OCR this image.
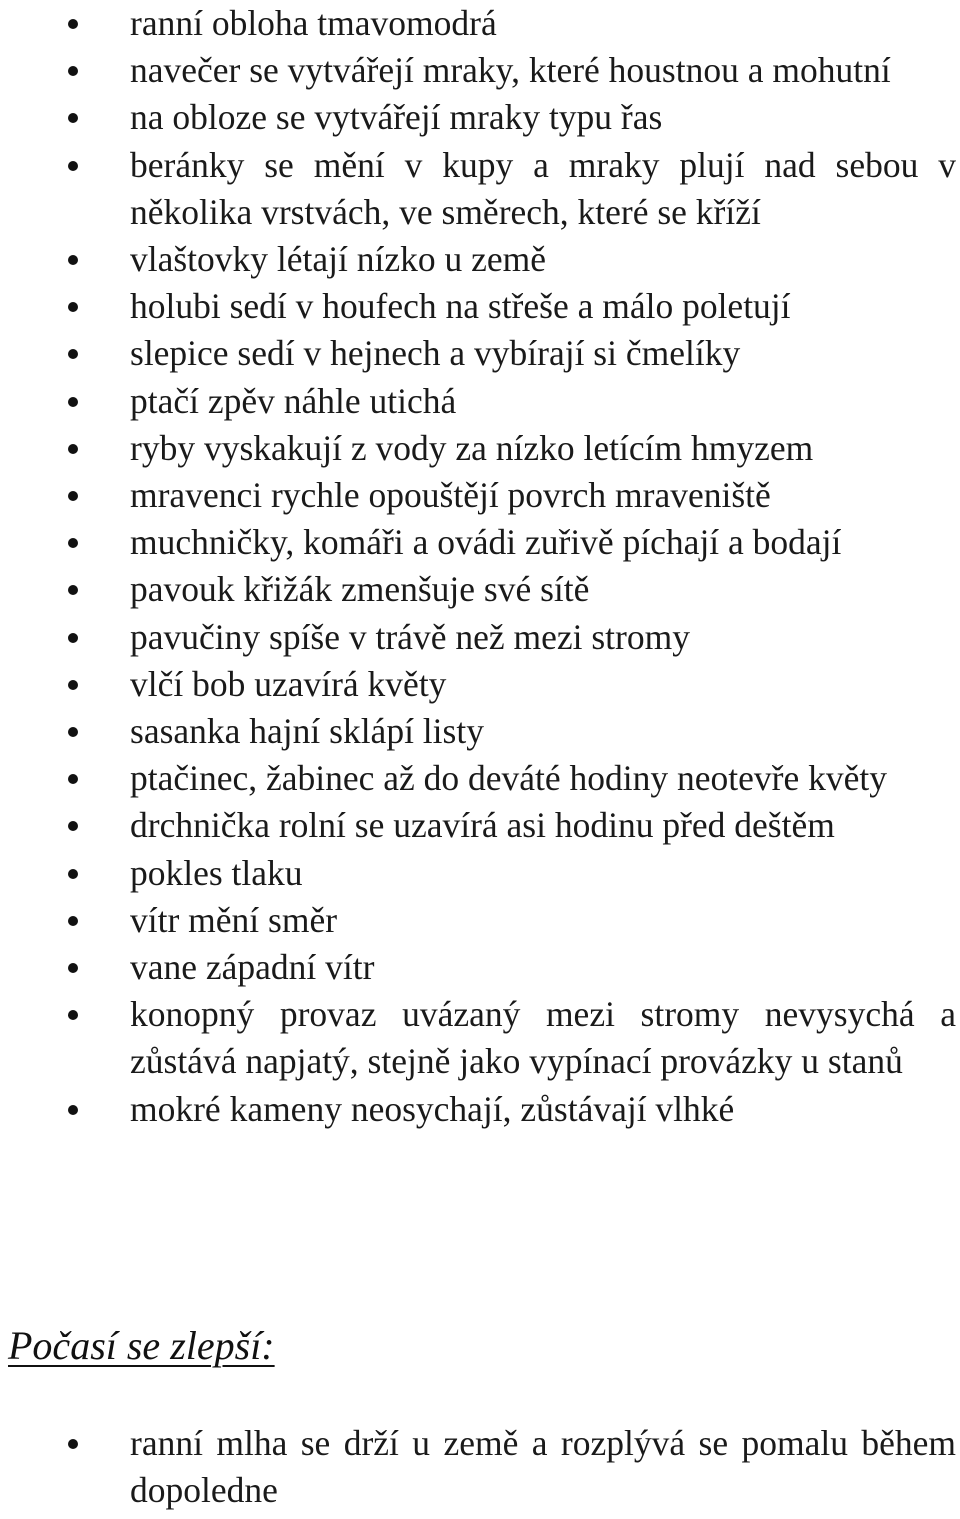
ranní obloha tmavomodrá
navečer se vytvářejí mraky, které houstnou a mohutní
na obloze se vytvářejí mraky typu řas
beránky se mění v kupy a mraky plují nad sebou v několika vrstvách, ve směrech, které se kříží
vlaštovky létají nízko u země
holubi sedí v houfech na střeše a málo poletují
slepice sedí v hejnech a vybírají si čmelíky
ptačí zpěv náhle utichá
ryby vyskakují z vody za nízko letícím hmyzem
mravenci rychle opouštějí povrch mraveniště
muchničky, komáři a ovádi zuřivě píchají a bodají
pavouk křižák zmenšuje své sítě
pavučiny spíše v trávě než mezi stromy
vlčí bob uzavírá květy
sasanka hajní sklápí listy
ptačinec, žabinec až do deváté hodiny neotevře květy
drchnička rolní se uzavírá asi hodinu před deštěm
pokles tlaku
vítr mění směr
vane západní vítr
konopný provaz uvázaný mezi stromy nevysychá a zůstává napjatý, stejně jako vypínací provázky u stanů
mokré kameny neosychají, zůstávají vlhké
Počasí se zlepší:
ranní mlha se drží u země a rozplývá se pomalu během dopoledne
